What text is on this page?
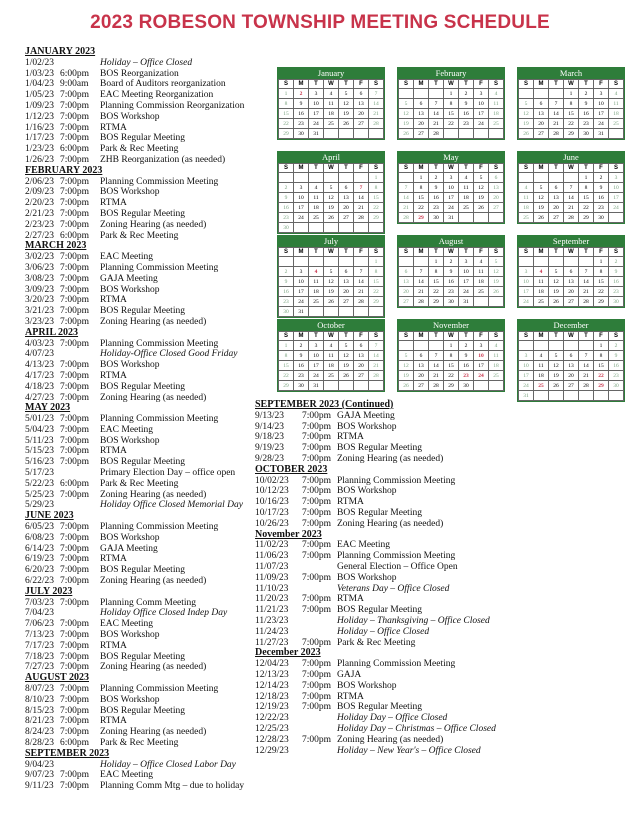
2023 ROBESON TOWNSHIP MEETING SCHEDULE
JANUARY 2023
1/02/23	Holiday – Office Closed
1/03/23 6:00pm BOS Reorganization
1/04/23 9:00am Board of Auditors reorganization
1/05/23 7:00pm EAC Meeting Reorganization
1/09/23 7:00pm Planning Commission Reorganization
1/12/23 7:00pm BOS Workshop
1/16/23 7:00pm RTMA
1/17/23 7:00pm BOS Regular Meeting
1/23/23 6:00pm Park & Rec Meeting
1/26/23 7:00pm ZHB Reorganization (as needed)
FEBRUARY 2023
2/06/23 7:00pm Planning Commission Meeting
2/09/23 7:00pm BOS Workshop
2/20/23 7:00pm RTMA
2/21/23 7:00pm BOS Regular Meeting
2/23/23 7:00pm Zoning Hearing (as needed)
2/27/23 6:00pm Park & Rec Meeting
MARCH 2023
3/02/23 7:00pm EAC Meeting
3/06/23 7:00pm Planning Commission Meeting
3/08/23 7:00pm GAJA Meeting
3/09/23 7:00pm BOS Workshop
3/20/23 7:00pm RTMA
3/21/23 7:00pm BOS Regular Meeting
3/23/23 7:00pm Zoning Hearing (as needed)
APRIL 2023
4/03/23 7:00pm Planning Commission Meeting
4/07/23	Holiday-Office Closed Good Friday
4/13/23 7:00pm BOS Workshop
4/17/23 7:00pm RTMA
4/18/23 7:00pm BOS Regular Meeting
4/27/23 7:00pm Zoning Hearing (as needed)
MAY 2023
5/01/23 7:00pm Planning Commission Meeting
5/04/23 7:00pm EAC Meeting
5/11/23 7:00pm BOS Workshop
5/15/23 7:00pm RTMA
5/16/23 7:00pm BOS Regular Meeting
5/17/23	Primary Election Day – office open
5/22/23 6:00pm Park & Rec Meeting
5/25/23 7:00pm Zoning Hearing (as needed)
5/29/23	Holiday Office Closed Memorial Day
JUNE 2023
6/05/23 7:00pm Planning Commission Meeting
6/08/23 7:00pm BOS Workshop
6/14/23 7:00pm GAJA Meeting
6/19/23 7:00pm RTMA
6/20/23 7:00pm BOS Regular Meeting
6/22/23 7:00pm Zoning Hearing (as needed)
JULY 2023
7/03/23 7:00pm Planning Comm Meeting
7/04/23	Holiday Office Closed Indep Day
7/06/23 7:00pm EAC Meeting
7/13/23 7:00pm BOS Workshop
7/17/23 7:00pm RTMA
7/18/23 7:00pm BOS Regular Meeting
7/27/23 7:00pm Zoning Hearing (as needed)
AUGUST 2023
8/07/23 7:00pm Planning Commission Meeting
8/10/23 7:00pm BOS Workshop
8/15/23 7:00pm BOS Regular Meeting
8/21/23 7:00pm RTMA
8/24/23 7:00pm Zoning Hearing (as needed)
8/28/23 6:00pm Park & Rec Meeting
SEPTEMBER 2023
9/04/23	Holiday – Office Closed Labor Day
9/07/23 7:00pm EAC Meeting
9/11/23 7:00pm Planning Comm Mtg – due to holiday
January
S	M	T	W	T	F	S
1	2	3	4	5	6	7
8	9	10	11	12	13	14
15	16	17	18	19	20	21
22	23	24	25	26	27	28
29	30	31				
February
S	M	T	W	T	F	S
			1	2	3	4
5	6	7	8	9	10	11
12	13	14	15	16	17	18
19	20	21	22	23	24	25
26	27	28				
March
S	M	T	W	T	F	S
			1	2	3	4
5	6	7	8	9	10	11
12	13	14	15	16	17	18
19	20	21	22	23	24	25
26	27	28	29	30	31	
April
S	M	T	W	T	F	S
						1
2	3	4	5	6	7	8
9	10	11	12	13	14	15
16	17	18	19	20	21	22
23	24	25	26	27	28	29
30						
May
S	M	T	W	T	F	S
	1	2	3	4	5	6
7	8	9	10	11	12	13
14	15	16	17	18	19	20
21	22	23	24	25	26	27
28	29	30	31			
June
S	M	T	W	T	F	S
				1	2	3
4	5	6	7	8	9	10
11	12	13	14	15	16	17
18	19	20	21	22	23	24
25	26	27	28	29	30	
July
S	M	T	W	T	F	S
						1
2	3	4	5	6	7	8
9	10	11	12	13	14	15
16	17	18	19	20	21	22
23	24	25	26	27	28	29
30	31					
August
S	M	T	W	T	F	S
		1	2	3	4	5
6	7	8	9	10	11	12
13	14	15	16	17	18	19
20	21	22	23	24	25	26
27	28	29	30	31		
September
S	M	T	W	T	F	S
					1	2
3	4	5	6	7	8	9
10	11	12	13	14	15	16
17	18	19	20	21	22	23
24	25	26	27	28	29	30
October
S	M	T	W	T	F	S
1	2	3	4	5	6	7
8	9	10	11	12	13	14
15	16	17	18	19	20	21
22	23	24	25	26	27	28
29	30	31				
November
S	M	T	W	T	F	S
			1	2	3	4
5	6	7	8	9	10	11
12	13	14	15	16	17	18
19	20	21	22	23	24	25
26	27	28	29	30		
December
S	M	T	W	T	F	S
					1	2
3	4	5	6	7	8	9
10	11	12	13	14	15	16
17	18	19	20	21	22	23
24	25	26	27	28	29	30
31						
SEPTEMBER 2023 (Continued)
9/13/23 7:00pm GAJA Meeting
9/14/23 7:00pm BOS Workshop
9/18/23 7:00pm RTMA
9/19/23 7:00pm BOS Regular Meeting
9/28/23 7:00pm Zoning Hearing (as needed)
OCTOBER 2023
10/02/23 7:00pm Planning Commission Meeting
10/12/23 7:00pm BOS Workshop
10/16/23 7:00pm RTMA
10/17/23 7:00pm BOS Regular Meeting
10/26/23 7:00pm Zoning Hearing (as needed)
November 2023
11/02/23 7:00pm EAC Meeting
11/06/23 7:00pm Planning Commission Meeting
11/07/23	General Election – Office Open
11/09/23 7:00pm BOS Workshop
11/10/23	Veterans Day – Office Closed
11/20/23 7:00pm RTMA
11/21/23 7:00pm BOS Regular Meeting
11/23/23	Holiday – Thanksgiving – Office Closed
11/24/23	Holiday – Office Closed
11/27/23 7:00pm Park & Rec Meeting
December 2023
12/04/23 7:00pm Planning Commission Meeting
12/13/23 7:00pm GAJA
12/14/23 7:00pm BOS Workshop
12/18/23 7:00pm RTMA
12/19/23 7:00pm BOS Regular Meeting
12/22/23	Holiday Day – Office Closed
12/25/23	Holiday Day – Christmas – Office Closed
12/28/23 7:00pm Zoning Hearing (as needed)
12/29/23	Holiday – New Year's – Office Closed
